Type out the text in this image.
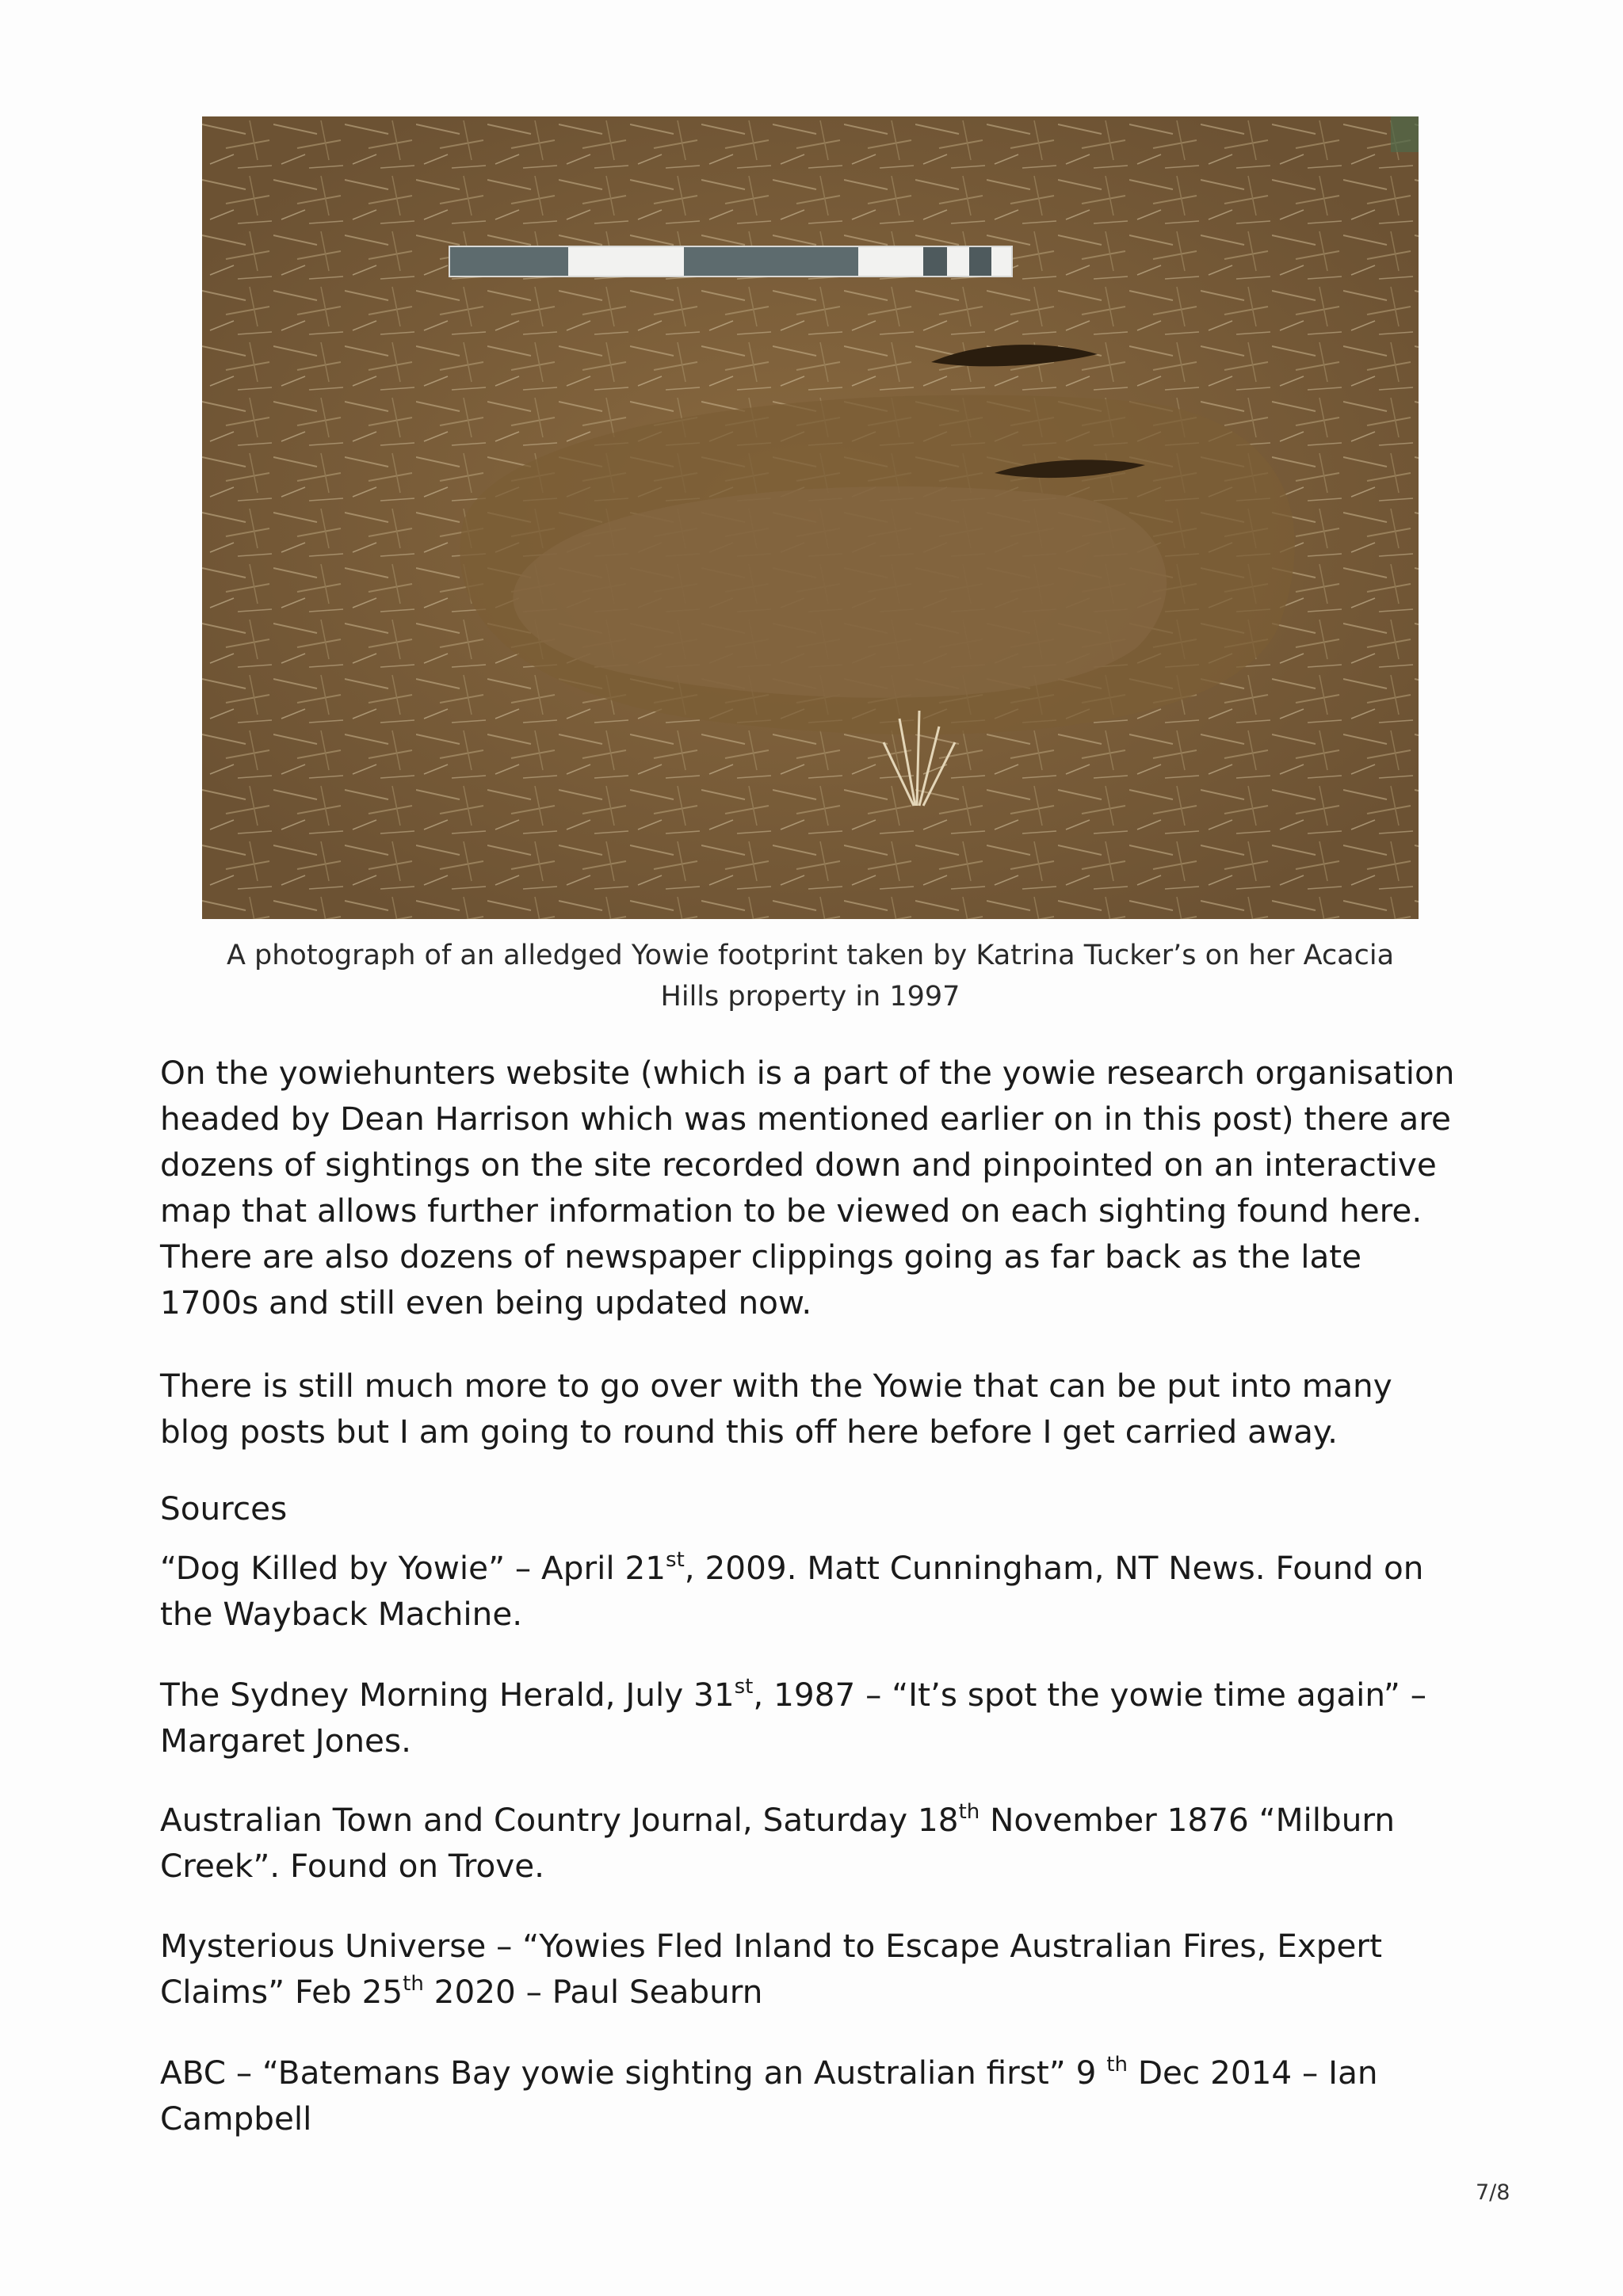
A photograph of an alledged Yowie footprint taken by Katrina Tucker’s on her Acacia Hills property in 1997

On the yowiehunters website (which is a part of the yowie research organisation headed by Dean Harrison which was mentioned earlier on in this post) there are dozens of sightings on the site recorded down and pinpointed on an interactive map that allows further information to be viewed on each sighting found here. There are also dozens of newspaper clippings going as far back as the late 1700s and still even being updated now.

There is still much more to go over with the Yowie that can be put into many blog posts but I am going to round this off here before I get carried away.

Sources

“Dog Killed by Yowie” – April 21st, 2009. Matt Cunningham, NT News. Found on the Wayback Machine.

The Sydney Morning Herald, July 31st, 1987 – “It’s spot the yowie time again” – Margaret Jones.

Australian Town and Country Journal, Saturday 18th November 1876 “Milburn Creek”. Found on Trove.

Mysterious Universe – “Yowies Fled Inland to Escape Australian Fires, Expert Claims” Feb 25th 2020 – Paul Seaburn

ABC – “Batemans Bay yowie sighting an Australian first” 9 $^{th}$ Dec 2014 – Ian Campbell

7/8
